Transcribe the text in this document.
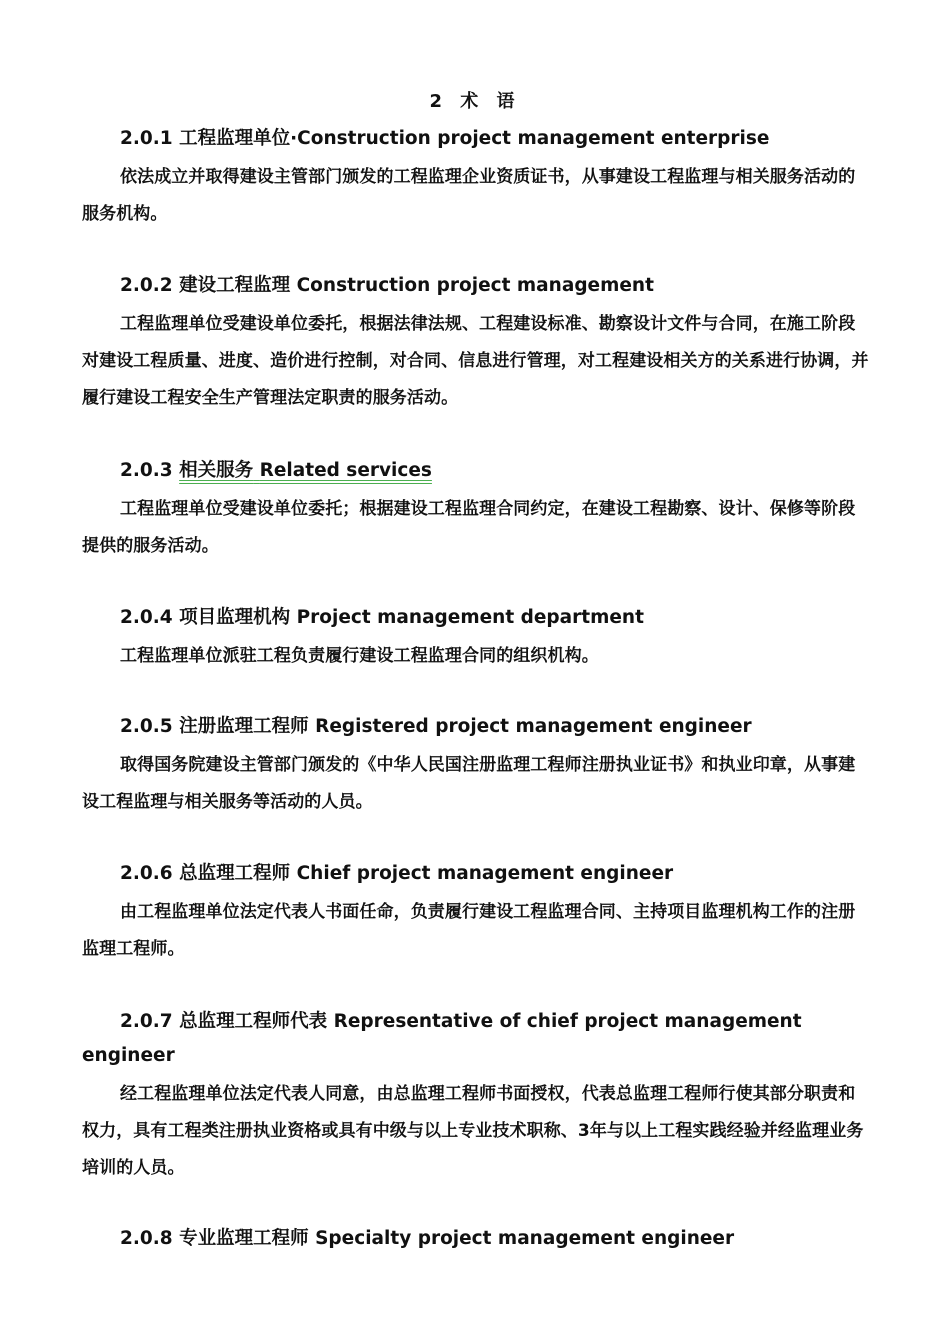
2 术 语
2.0.1 工程监理单位·Construction project management enterprise
依法成立并取得建设主管部门颁发的工程监理企业资质证书，从事建设工程监理与相关服务活动的服务机构。
2.0.2 建设工程监理 Construction project management
工程监理单位受建设单位委托，根据法律法规、工程建设标准、勘察设计文件与合同，在施工阶段对建设工程质量、进度、造价进行控制，对合同、信息进行管理，对工程建设相关方的关系进行协调，并履行建设工程安全生产管理法定职责的服务活动。
2.0.3 相关服务 Related services
工程监理单位受建设单位委托；根据建设工程监理合同约定，在建设工程勘察、设计、保修等阶段提供的服务活动。
2.0.4 项目监理机构 Project management department
工程监理单位派驻工程负责履行建设工程监理合同的组织机构。
2.0.5 注册监理工程师 Registered project management engineer
取得国务院建设主管部门颁发的《中华人民国注册监理工程师注册执业证书》和执业印章，从事建设工程监理与相关服务等活动的人员。
2.0.6 总监理工程师 Chief project management engineer
由工程监理单位法定代表人书面任命，负责履行建设工程监理合同、主持项目监理机构工作的注册监理工程师。
2.0.7 总监理工程师代表 Representative of chief project management engineer
经工程监理单位法定代表人同意，由总监理工程师书面授权，代表总监理工程师行使其部分职责和权力，具有工程类注册执业资格或具有中级与以上专业技术职称、3年与以上工程实践经验并经监理业务培训的人员。
2.0.8 专业监理工程师 Specialty project management engineer
